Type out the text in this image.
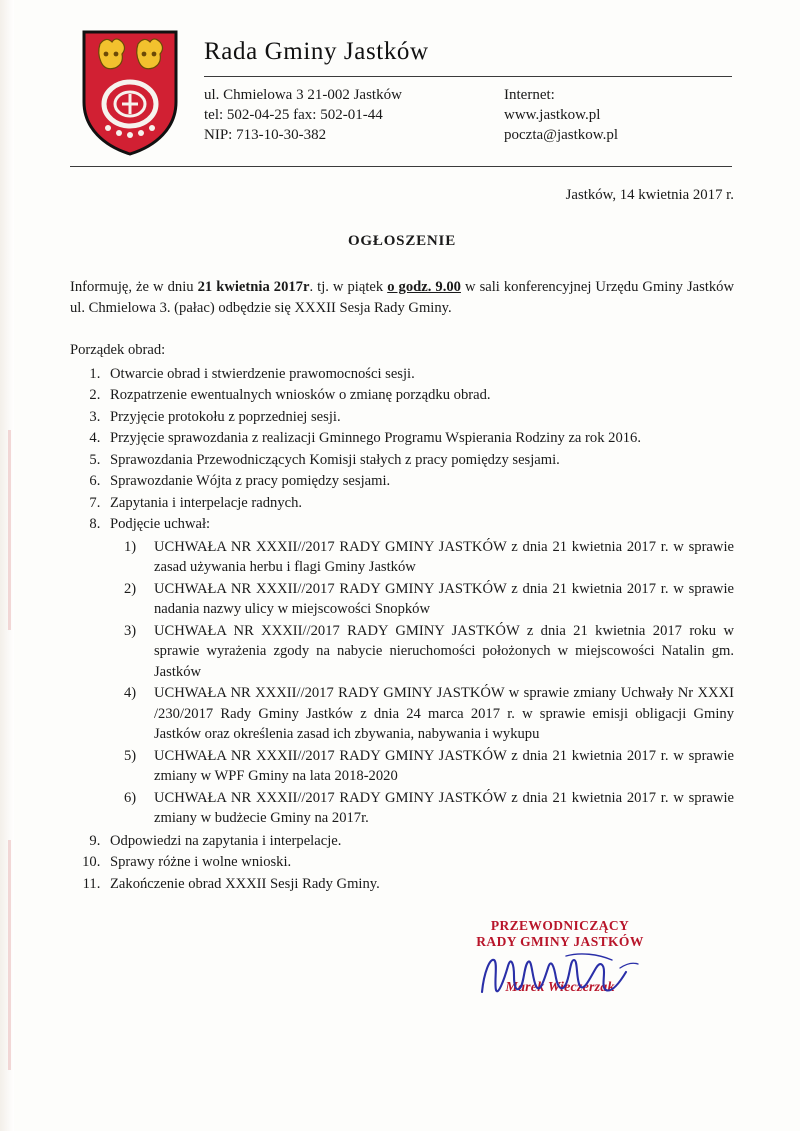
Rada Gminy Jastków
ul. Chmielowa 3 21-002 Jastków
tel: 502-04-25 fax: 502-01-44
NIP: 713-10-30-382
Internet:
www.jastkow.pl
poczta@jastkow.pl
Jastków, 14 kwietnia 2017 r.
OGŁOSZENIE

Informuję, że w dniu 21 kwietnia 2017r. tj. w piątek o godz. 9.00 w sali konferencyjnej Urzędu Gminy Jastków ul. Chmielowa 3. (pałac) odbędzie się XXXII Sesja Rady Gminy.

Porządek obrad:
1. Otwarcie obrad i stwierdzenie prawomocności sesji.
2. Rozpatrzenie ewentualnych wniosków o zmianę porządku obrad.
3. Przyjęcie protokołu z poprzedniej sesji.
4. Przyjęcie sprawozdania z realizacji Gminnego Programu Wspierania Rodziny za rok 2016.
5. Sprawozdania Przewodniczących Komisji stałych z pracy pomiędzy sesjami.
6. Sprawozdanie Wójta z pracy pomiędzy sesjami.
7. Zapytania i interpelacje radnych.
8. Podjęcie uchwał:
UCHWAŁA NR XXXII//2017 RADY GMINY JASTKÓW z dnia 21 kwietnia 2017 r. w sprawie zasad używania herbu i flagi Gminy Jastków
UCHWAŁA NR XXXII//2017 RADY GMINY JASTKÓW z dnia 21 kwietnia 2017 r. w sprawie nadania nazwy ulicy w miejscowości Snopków
UCHWAŁA NR XXXII//2017 RADY GMINY JASTKÓW z dnia 21 kwietnia 2017 roku w sprawie wyrażenia zgody na nabycie nieruchomości położonych w miejscowości Natalin gm. Jastków
UCHWAŁA NR XXXII//2017 RADY GMINY JASTKÓW w sprawie zmiany Uchwały Nr XXXI /230/2017 Rady Gminy Jastków z dnia 24 marca 2017 r. w sprawie emisji obligacji Gminy Jastków oraz określenia zasad ich zbywania, nabywania i wykupu
UCHWAŁA NR XXXII//2017 RADY GMINY JASTKÓW z dnia 21 kwietnia 2017 r. w sprawie zmiany w WPF Gminy na lata 2018-2020
UCHWAŁA NR XXXII//2017 RADY GMINY JASTKÓW z dnia 21 kwietnia 2017 r. w sprawie zmiany w budżecie Gminy na 2017r.
9. Odpowiedzi na zapytania i interpelacje.
10. Sprawy różne i wolne wnioski.
11. Zakończenie obrad XXXII Sesji Rady Gminy.
PRZEWODNICZĄCY
RADY GMINY JASTKÓW
Marek Wieczerzak
